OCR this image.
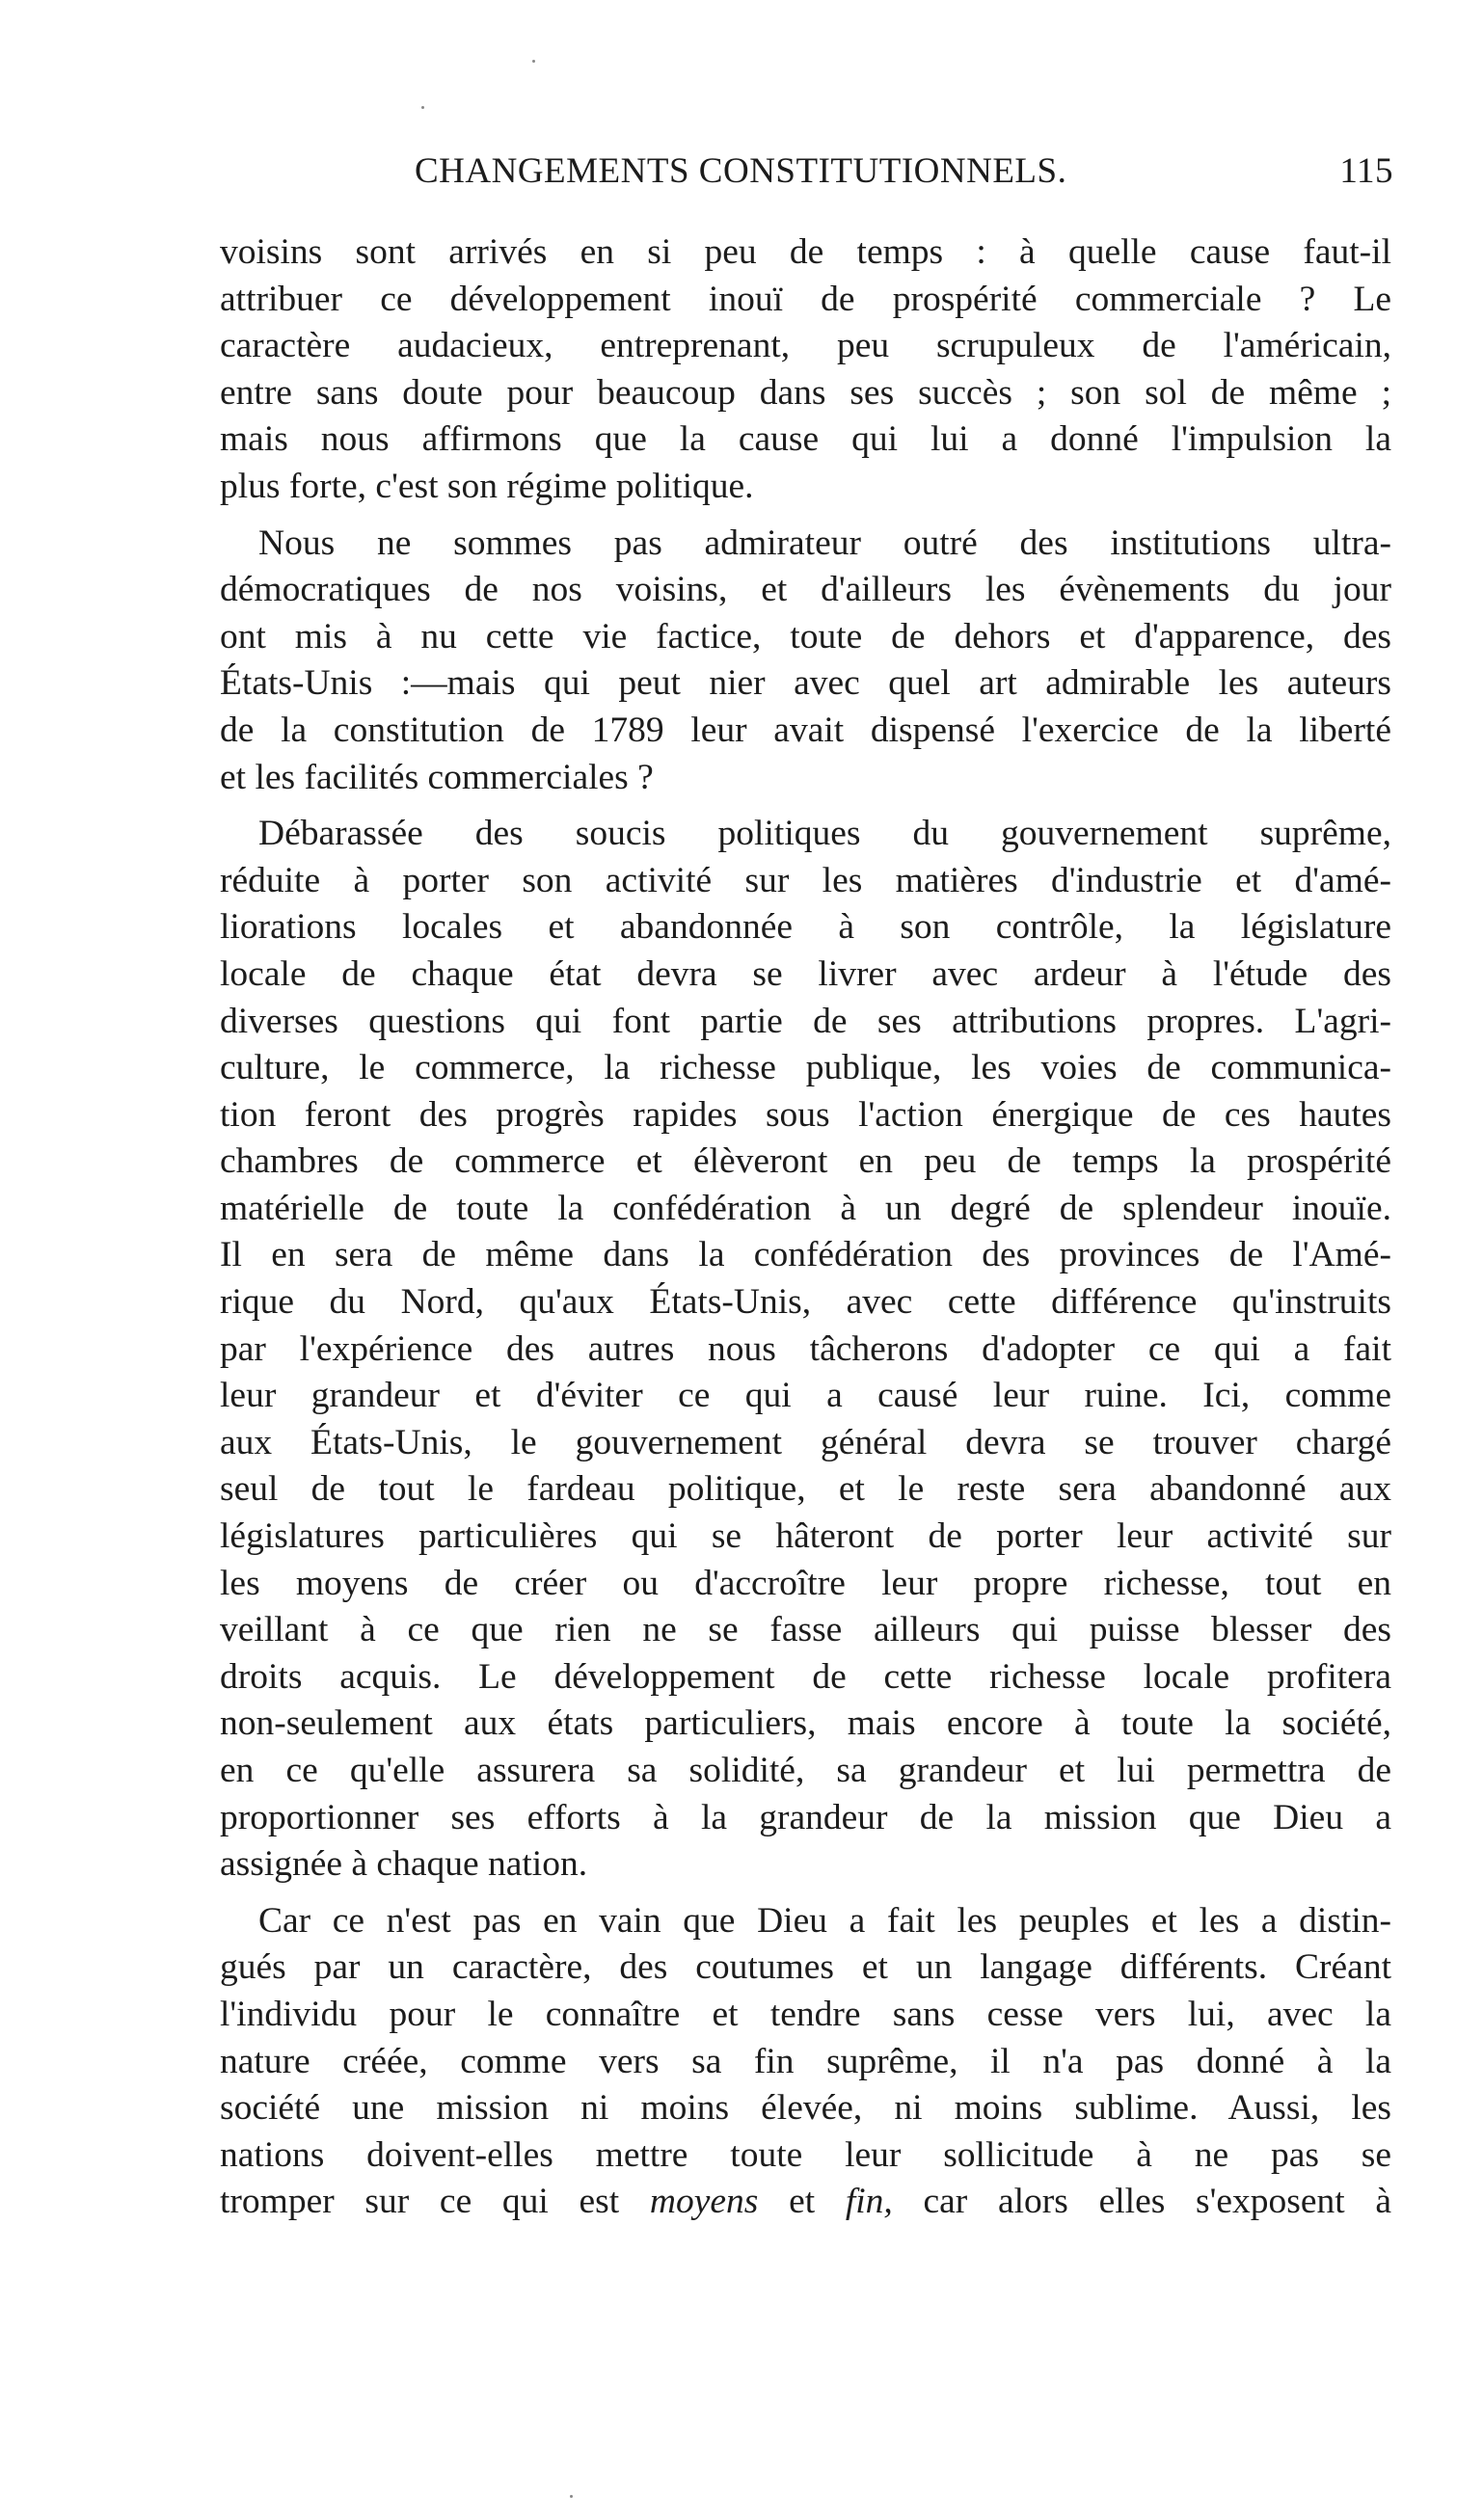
CHANGEMENTS CONSTITUTIONNELS.	115

voisins sont arrivés en si peu de temps : à quelle cause faut-il
attribuer ce développement inouï de prospérité commerciale ? Le
caractère audacieux, entreprenant, peu scrupuleux de l'américain,
entre sans doute pour beaucoup dans ses succès ; son sol de même ;
mais nous affirmons que la cause qui lui a donné l'impulsion la
plus forte, c'est son régime politique.

Nous ne sommes pas admirateur outré des institutions ultra-
démocratiques de nos voisins, et d'ailleurs les évènements du jour
ont mis à nu cette vie factice, toute de dehors et d'apparence, des
États-Unis :—mais qui peut nier avec quel art admirable les auteurs
de la constitution de 1789 leur avait dispensé l'exercice de la liberté
et les facilités commerciales ?

Débarassée des soucis politiques du gouvernement suprême,
réduite à porter son activité sur les matières d'industrie et d'amé-
liorations locales et abandonnée à son contrôle, la législature
locale de chaque état devra se livrer avec ardeur à l'étude des
diverses questions qui font partie de ses attributions propres. L'agri-
culture, le commerce, la richesse publique, les voies de communica-
tion feront des progrès rapides sous l'action énergique de ces hautes
chambres de commerce et élèveront en peu de temps la prospérité
matérielle de toute la confédération à un degré de splendeur inouïe.
Il en sera de même dans la confédération des provinces de l'Amé-
rique du Nord, qu'aux États-Unis, avec cette différence qu'instruits
par l'expérience des autres nous tâcherons d'adopter ce qui a fait
leur grandeur et d'éviter ce qui a causé leur ruine. Ici, comme
aux États-Unis, le gouvernement général devra se trouver chargé
seul de tout le fardeau politique, et le reste sera abandonné aux
législatures particulières qui se hâteront de porter leur activité sur
les moyens de créer ou d'accroître leur propre richesse, tout en
veillant à ce que rien ne se fasse ailleurs qui puisse blesser des
droits acquis. Le développement de cette richesse locale profitera
non-seulement aux états particuliers, mais encore à toute la société,
en ce qu'elle assurera sa solidité, sa grandeur et lui permettra de
proportionner ses efforts à la grandeur de la mission que Dieu a
assignée à chaque nation.

Car ce n'est pas en vain que Dieu a fait les peuples et les a distin-
gués par un caractère, des coutumes et un langage différents. Créant
l'individu pour le connaître et tendre sans cesse vers lui, avec la
nature créée, comme vers sa fin suprême, il n'a pas donné à la
société une mission ni moins élevée, ni moins sublime. Aussi, les
nations doivent-elles mettre toute leur sollicitude à ne pas se
tromper sur ce qui est moyens et fin, car alors elles s'exposent à
